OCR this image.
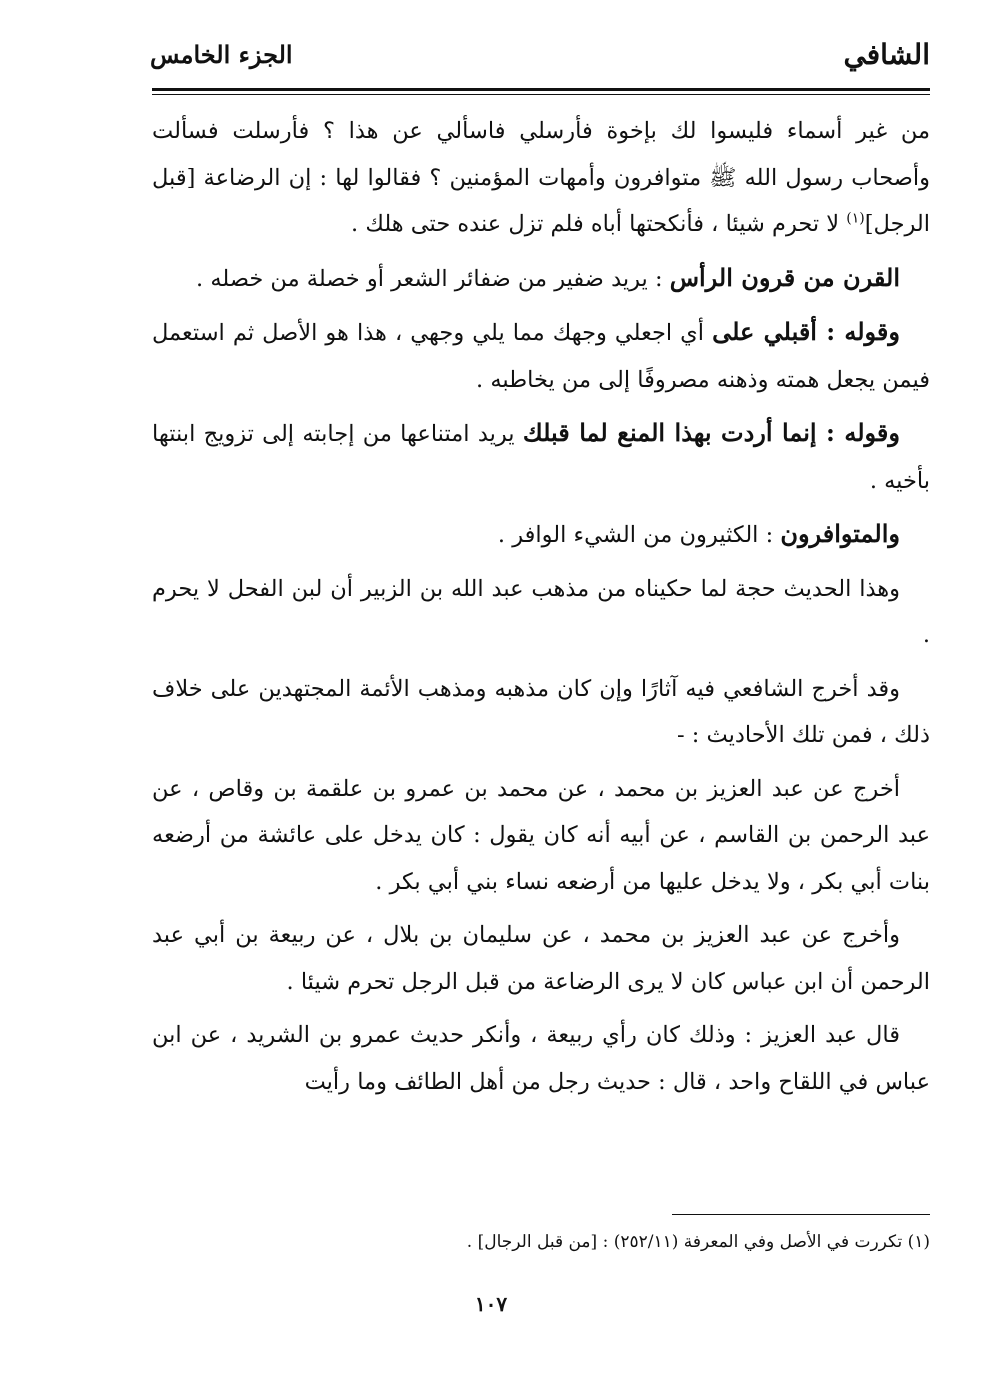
الشافي
الجزء الخامس

من غير أسماء فليسوا لك بإخوة فأرسلي فاسألي عن هذا ؟ فأرسلت فسألت وأصحاب رسول الله ﷺ متوافرون وأمهات المؤمنين ؟ فقالوا لها : إن الرضاعة [قبل الرجل]$^{(١)}$ لا تحرم شيئا ، فأنكحتها أباه فلم تزل عنده حتى هلك .

القرن من قرون الرأس : يريد ضفير من ضفائر الشعر أو خصلة من خصله .

وقوله : أقبلي على أي اجعلي وجهك مما يلي وجهي ، هذا هو الأصل ثم استعمل فيمن يجعل همته وذهنه مصروفًا إلى من يخاطبه .

وقوله : إنما أردت بهذا المنع لما قبلك يريد امتناعها من إجابته إلى تزويج ابنتها بأخيه .

والمتوافرون : الكثيرون من الشيء الوافر .

وهذا الحديث حجة لما حكيناه من مذهب عبد الله بن الزبير أن لبن الفحل لا يحرم .

وقد أخرج الشافعي فيه آثارًا وإن كان مذهبه ومذهب الأئمة المجتهدين على خلاف ذلك ، فمن تلك الأحاديث : -

أخرج عن عبد العزيز بن محمد ، عن محمد بن عمرو بن علقمة بن وقاص ، عن عبد الرحمن بن القاسم ، عن أبيه أنه كان يقول : كان يدخل على عائشة من أرضعه بنات أبي بكر ، ولا يدخل عليها من أرضعه نساء بني أبي بكر .

وأخرج عن عبد العزيز بن محمد ، عن سليمان بن بلال ، عن ربيعة بن أبي عبد الرحمن أن ابن عباس كان لا يرى الرضاعة من قبل الرجل تحرم شيئا .

قال عبد العزيز : وذلك كان رأي ربيعة ، وأنكر حديث عمرو بن الشريد ، عن ابن عباس في اللقاح واحد ، قال : حديث رجل من أهل الطائف وما رأيت

(١) تكررت في الأصل وفي المعرفة (٢٥٢/١١) : [من قبل الرجال] .
١٠٧
